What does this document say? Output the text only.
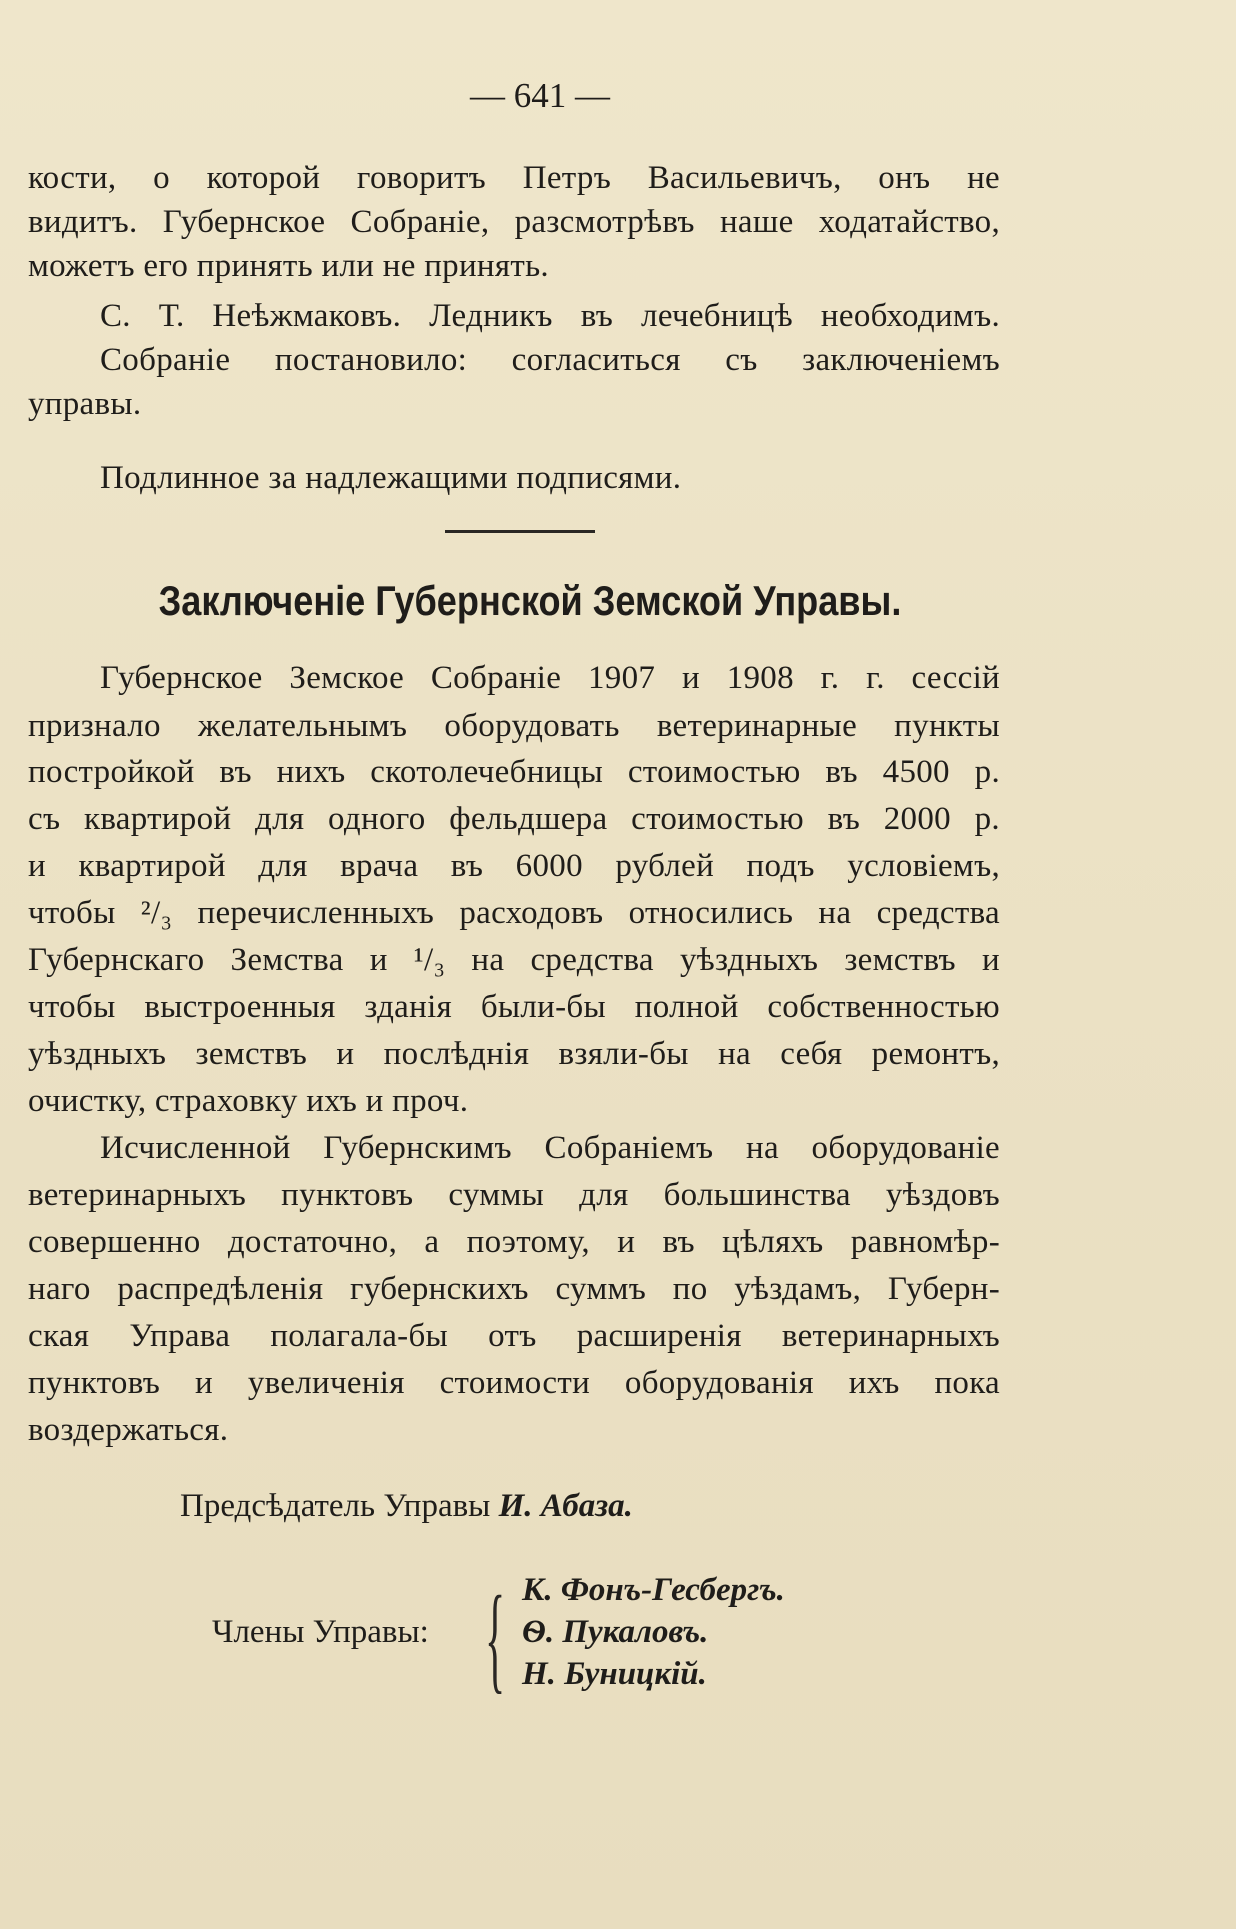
— 641 —
кости, о которой говоритъ Петръ Васильевичъ, онъ не
видитъ. Губернское Собраніе, разсмотрѣвъ наше ходатайство,
можетъ его принять или не принять.
С. Т. Неѣжмаковъ. Ледникъ въ лечебницѣ необходимъ.
Собраніе постановило: согласиться съ заключеніемъ
управы.
Подлинное за надлежащими подписями.
Заключеніе Губернской Земской Управы.
Губернское Земское Собраніе 1907 и 1908 г. г. сессій
признало желательнымъ оборудовать ветеринарные пункты
постройкой въ нихъ скотолечебницы стоимостью въ 4500 р.
съ квартирой для одного фельдшера стоимостью въ 2000 р.
и квартирой для врача въ 6000 рублей подъ условіемъ,
чтобы ²/₃ перечисленныхъ расходовъ относились на средства
Губернскаго Земства и ¹/₃ на средства уѣздныхъ земствъ и
чтобы выстроенныя зданія были-бы полной собственностью
уѣздныхъ земствъ и послѣднія взяли-бы на себя ремонтъ,
очистку, страховку ихъ и проч.
Исчисленной Губернскимъ Собраніемъ на оборудованіе
ветеринарныхъ пунктовъ суммы для большинства уѣздовъ
совершенно достаточно, а поэтому, и въ цѣляхъ равномѣр-
наго распредѣленія губернскихъ суммъ по уѣздамъ, Губерн-
ская Управа полагала-бы отъ расширенія ветеринарныхъ
пунктовъ и увеличенія стоимости оборудованія ихъ пока
воздержаться.
Предсѣдатель Управы И. Абаза.
Члены Управы: { К. Фонъ-Гесбергъ.
Ѳ. Пукаловъ.
Н. Буницкій.
